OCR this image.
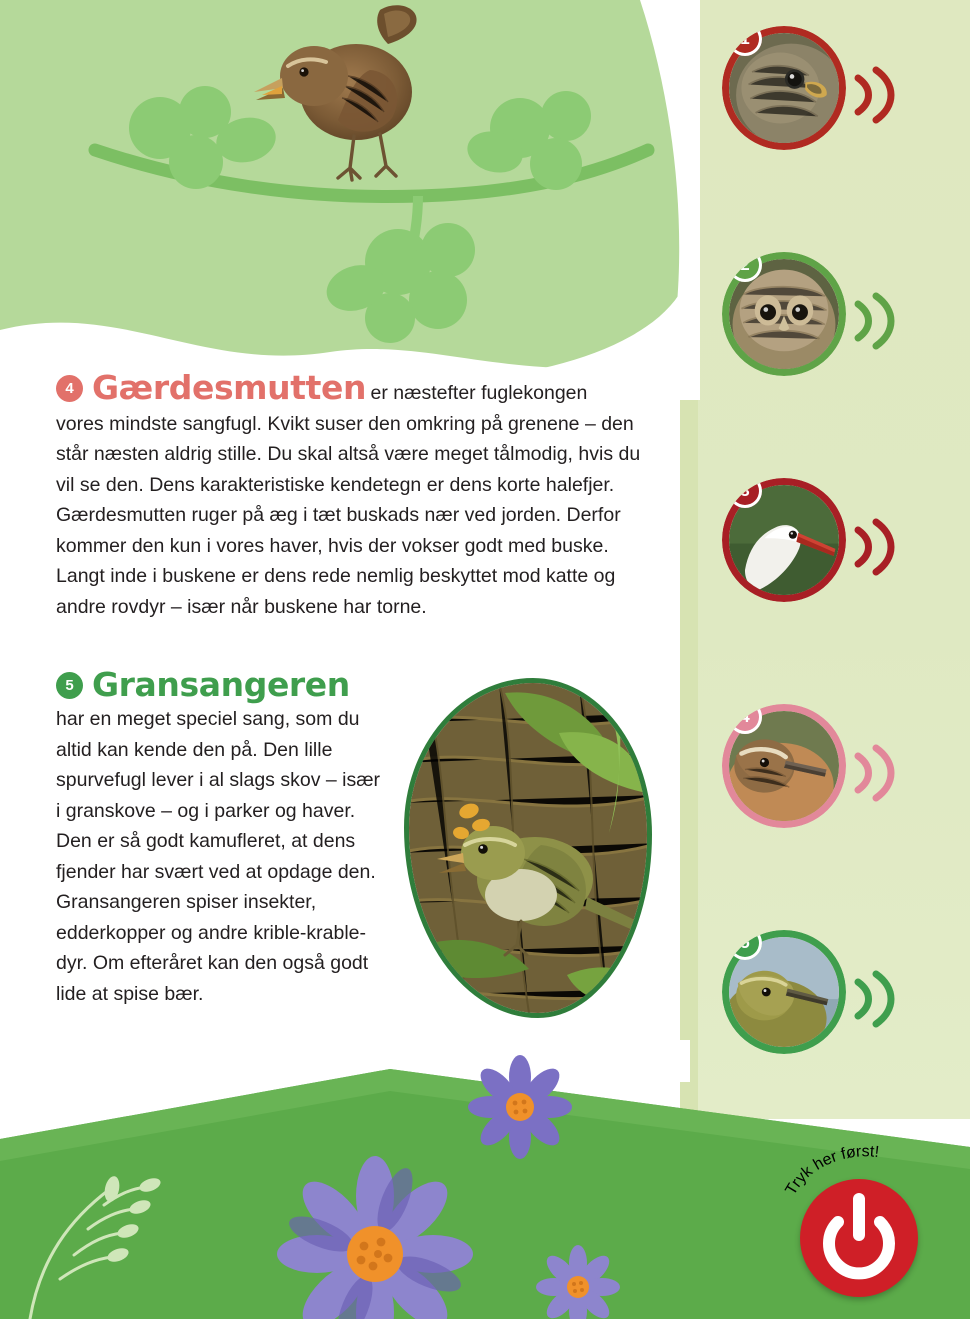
1
2
3
4
5
4 Gærdesmutten er næstefter fuglekongen
vores mindste sangfugl. Kvikt suser den omkring på grenene – den står næsten aldrig stille. Du skal altså være meget tålmodig, hvis du vil se den. Dens karakteristiske kendetegn er dens korte halefjer. Gærdesmutten ruger på æg i tæt buskads nær ved jorden. Derfor kommer den kun i vores haver, hvis der vokser godt med buske. Langt inde i buskene er dens rede nemlig beskyttet mod katte og andre rovdyr – især når buskene har torne.
5 Gransangeren
har en meget speciel sang, som du altid kan kende den på. Den lille spurvefugl lever i al slags skov – især i granskove – og i parker og haver. Den er så godt kamufleret, at dens fjender har svært ved at opdage den. Gransangeren spiser insekter, edderkopper og andre krible-krable-dyr. Om efteråret kan den også godt lide at spise bær.
Tryk her først!
